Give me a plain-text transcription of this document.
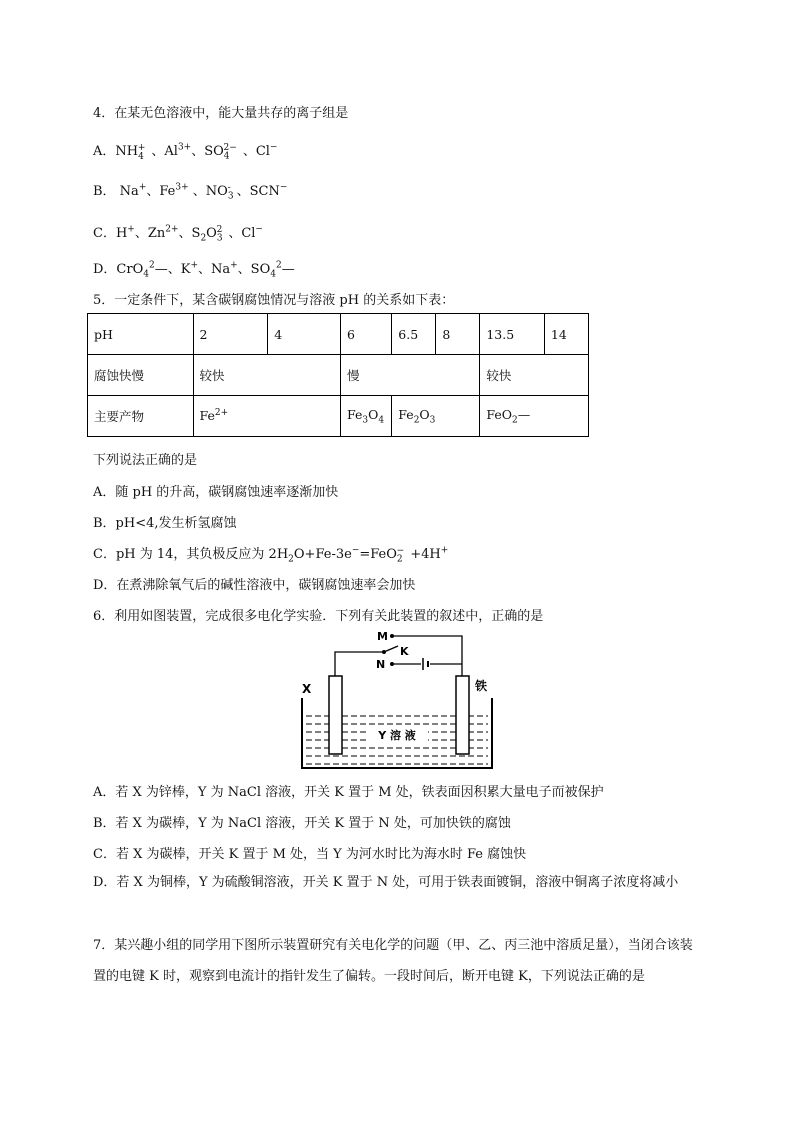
4．在某无色溶液中，能大量共存的离子组是
A．$NH_4^+$ 、$Al^{3+}$、$SO_4^{2-}$ 、Cl−
B． Na+、$Fe^{3+}$ 、$NO_3^-$ 、SCN−
C．H+、$Zn^{2+}$、$S_2O_3^2$ 、Cl−
D．CrO$_4^2$—、K+、Na+、$SO_4^2—$
5．一定条件下，某含碳钢腐蚀情况与溶液 pH 的关系如下表：
pH	2	4	6	6.5	8	13.5	14
腐蚀快慢	较快		慢			较快	
主要产物	$Fe^{2+}$		$Fe_3O_4$	$Fe_2O_3$		FeO$_2$—	
下列说法正确的是
A．随 pH 的升高，碳钢腐蚀速率逐渐加快
B．pH<4,发生析氢腐蚀
C．pH 为 14，其负极反应为 $2H_2O+Fe-3e^-=FeO_2^- +4H^+$
D．在煮沸除氧气后的碱性溶液中，碳钢腐蚀速率会加快
6．利用如图装置，完成很多电化学实验．下列有关此装置的叙述中，正确的是
Y 溶 液
M
K
N
X	铁
A．若 X 为锌棒，Y 为 NaCl 溶液，开关 K 置于 M 处，铁表面因积累大量电子而被保护
B．若 X 为碳棒，Y 为 NaCl 溶液，开关 K 置于 N 处，可加快铁的腐蚀
C．若 X 为碳棒，开关 K 置于 M 处，当 Y 为河水时比为海水时 Fe 腐蚀快
D．若 X 为铜棒，Y 为硫酸铜溶液，开关 K 置于 N 处，可用于铁表面镀铜，溶液中铜离子浓度将减小
7．某兴趣小组的同学用下图所示装置研究有关电化学的问题（甲、乙、丙三池中溶质足量），当闭合该装置的电键 K 时，观察到电流计的指针发生了偏转。一段时间后，断开电键 K，下列说法正确的是
